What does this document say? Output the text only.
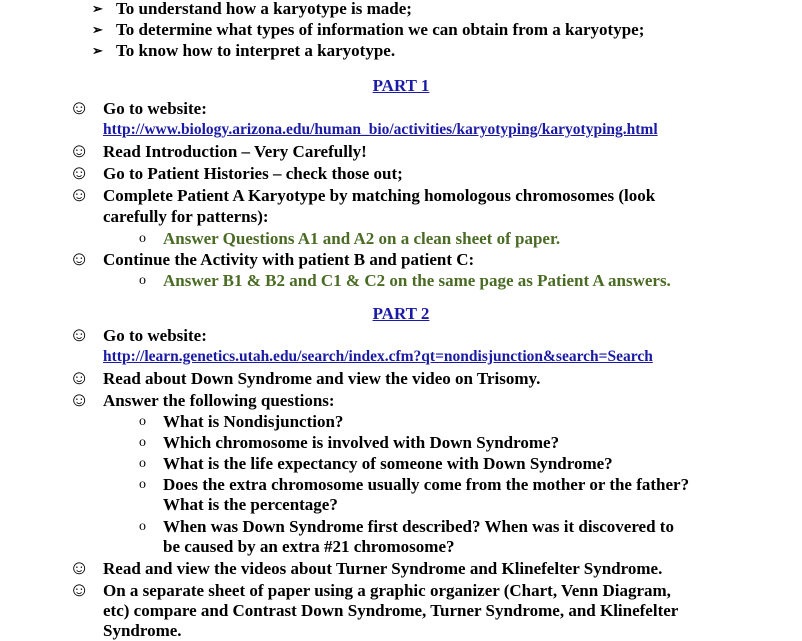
➢ To understand how a karyotype is made;
➢ To determine what types of information we can obtain from a karyotype;
➢ To know how to interpret a karyotype.
PART 1
☺ Go to website:
http://www.biology.arizona.edu/human_bio/activities/karyotyping/karyotyping.html
☺ Read Introduction – Very Carefully!
☺ Go to Patient Histories – check those out;
☺ Complete Patient A Karyotype by matching homologous chromosomes (look
carefully for patterns):
o Answer Questions A1 and A2 on a clean sheet of paper.
☺ Continue the Activity with patient B and patient C:
o Answer B1 & B2 and C1 & C2 on the same page as Patient A answers.
PART 2
☺ Go to website:
http://learn.genetics.utah.edu/search/index.cfm?qt=nondisjunction&search=Search
☺ Read about Down Syndrome and view the video on Trisomy.
☺ Answer the following questions:
o What is Nondisjunction?
o Which chromosome is involved with Down Syndrome?
o What is the life expectancy of someone with Down Syndrome?
o Does the extra chromosome usually come from the mother or the father?
What is the percentage?
o When was Down Syndrome first described? When was it discovered to
be caused by an extra #21 chromosome?
☺ Read and view the videos about Turner Syndrome and Klinefelter Syndrome.
☺ On a separate sheet of paper using a graphic organizer (Chart, Venn Diagram,
etc) compare and Contrast Down Syndrome, Turner Syndrome, and Klinefelter
Syndrome.
